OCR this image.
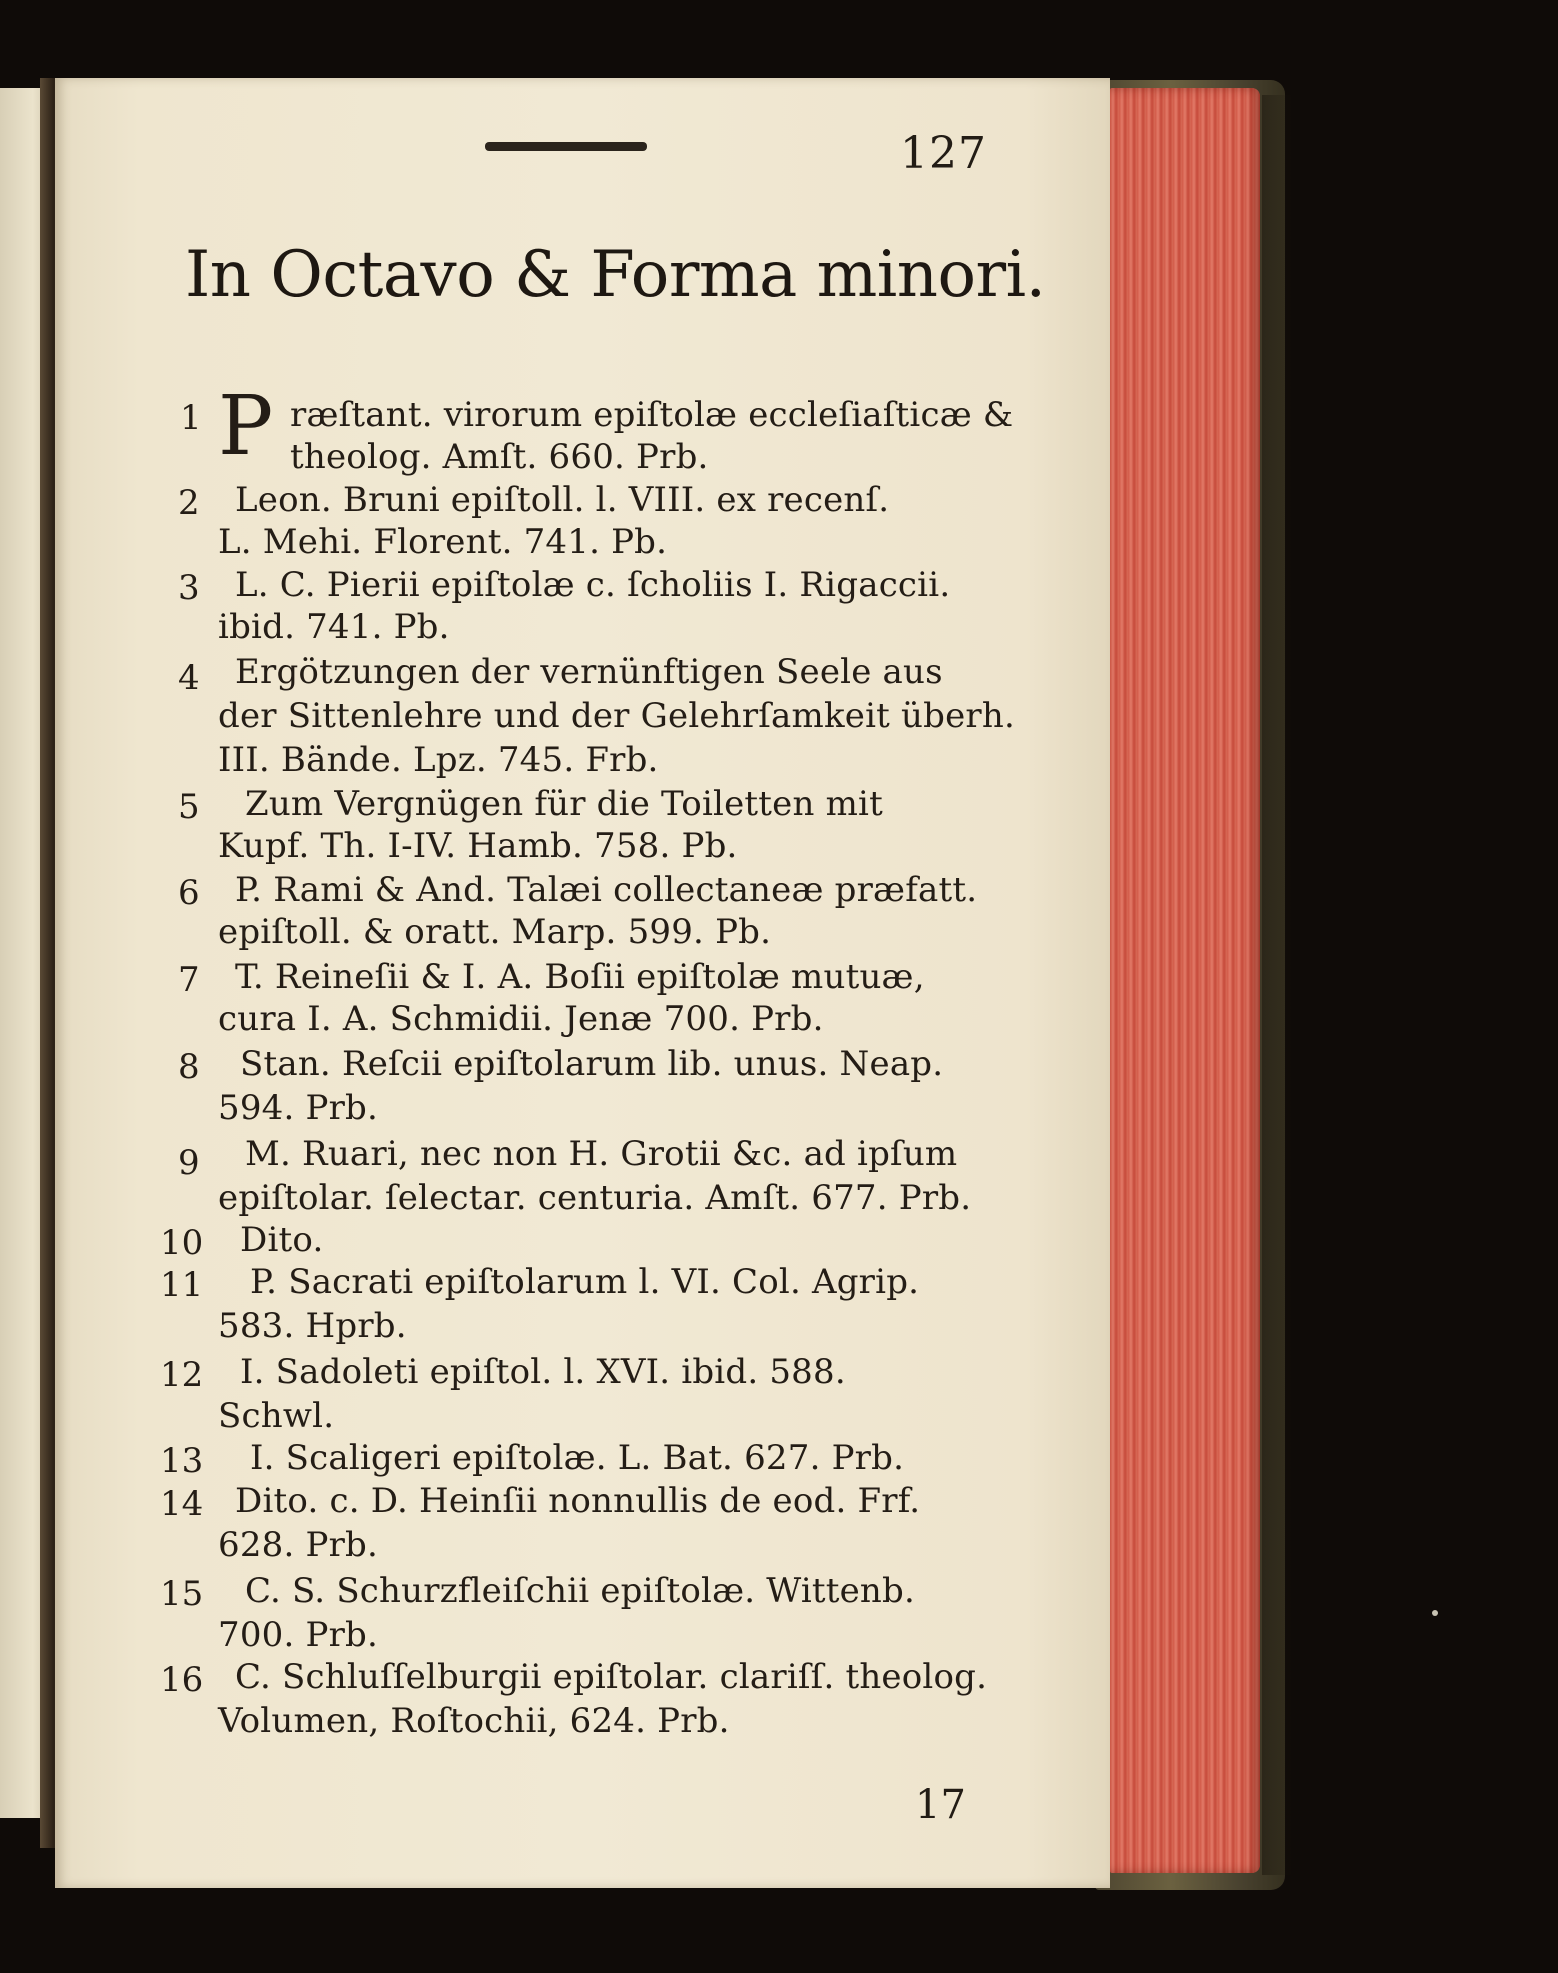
127
In Octavo & Forma minori.
1 P ræſtant. virorum epiſtolæ eccleſiaſticæ &
theolog. Amſt. 660. Prb.
2	Leon. Bruni epiſtoll. l. VIII. ex recenſ.
L. Mehi. Florent. 741. Pb.
3	L. C. Pierii epiſtolæ c. ſcholiis I. Rigaccii.
ibid. 741. Pb.
4	Ergötzungen der vernünftigen Seele aus
der Sittenlehre und der Gelehrſamkeit überh.
III. Bände. Lpz. 745. Frb.
5	Zum Vergnügen für die Toiletten mit
Kupf. Th. I-IV. Hamb. 758. Pb.
6	P. Rami & And. Talæi collectaneæ præfatt.
epiſtoll. & oratt. Marp. 599. Pb.
7	T. Reineſii & I. A. Boſii epiſtolæ mutuæ,
cura I. A. Schmidii. Jenæ 700. Prb.
8	Stan. Reſcii epiſtolarum lib. unus. Neap.
594. Prb.
9	M. Ruari, nec non H. Grotii &c. ad ipſum
epiſtolar. ſelectar. centuria. Amſt. 677. Prb.
10	Dito.
11	P. Sacrati epiſtolarum l. VI. Col. Agrip.
583. Hprb.
12	I. Sadoleti epiſtol. l. XVI. ibid. 588.
Schwl.
13	I. Scaligeri epiſtolæ. L. Bat. 627. Prb.
14 Dito. c. D. Heinſii nonnullis de eod. Frf.
628. Prb.
15	C. S. Schurzfleiſchii epiſtolæ. Wittenb.
700. Prb.
16 C. Schluſſelburgii epiſtolar. clariſſ. theolog.
Volumen, Roſtochii, 624. Prb.
17
